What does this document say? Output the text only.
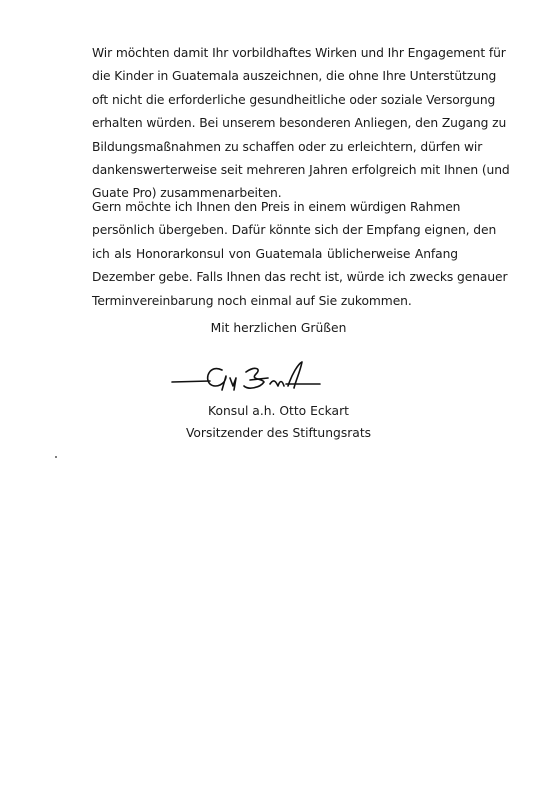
Wir möchten damit Ihr vorbildhaftes Wirken und Ihr Engagement für
die Kinder in Guatemala auszeichnen, die ohne Ihre Unterstützung
oft nicht die erforderliche gesundheitliche oder soziale Versorgung
erhalten würden. Bei unserem besonderen Anliegen, den Zugang zu
Bildungsmaßnahmen zu schaffen oder zu erleichtern, dürfen wir
dankenswerterweise seit mehreren Jahren erfolgreich mit Ihnen (und
Guate Pro) zusammenarbeiten.
Gern möchte ich Ihnen den Preis in einem würdigen Rahmen
persönlich übergeben. Dafür könnte sich der Empfang eignen, den
ich als Honorarkonsul von Guatemala üblicherweise Anfang
Dezember gebe. Falls Ihnen das recht ist, würde ich zwecks genauer
Terminvereinbarung noch einmal auf Sie zukommen.
Mit herzlichen Grüßen
Konsul a.h. Otto Eckart
Vorsitzender des Stiftungsrats
